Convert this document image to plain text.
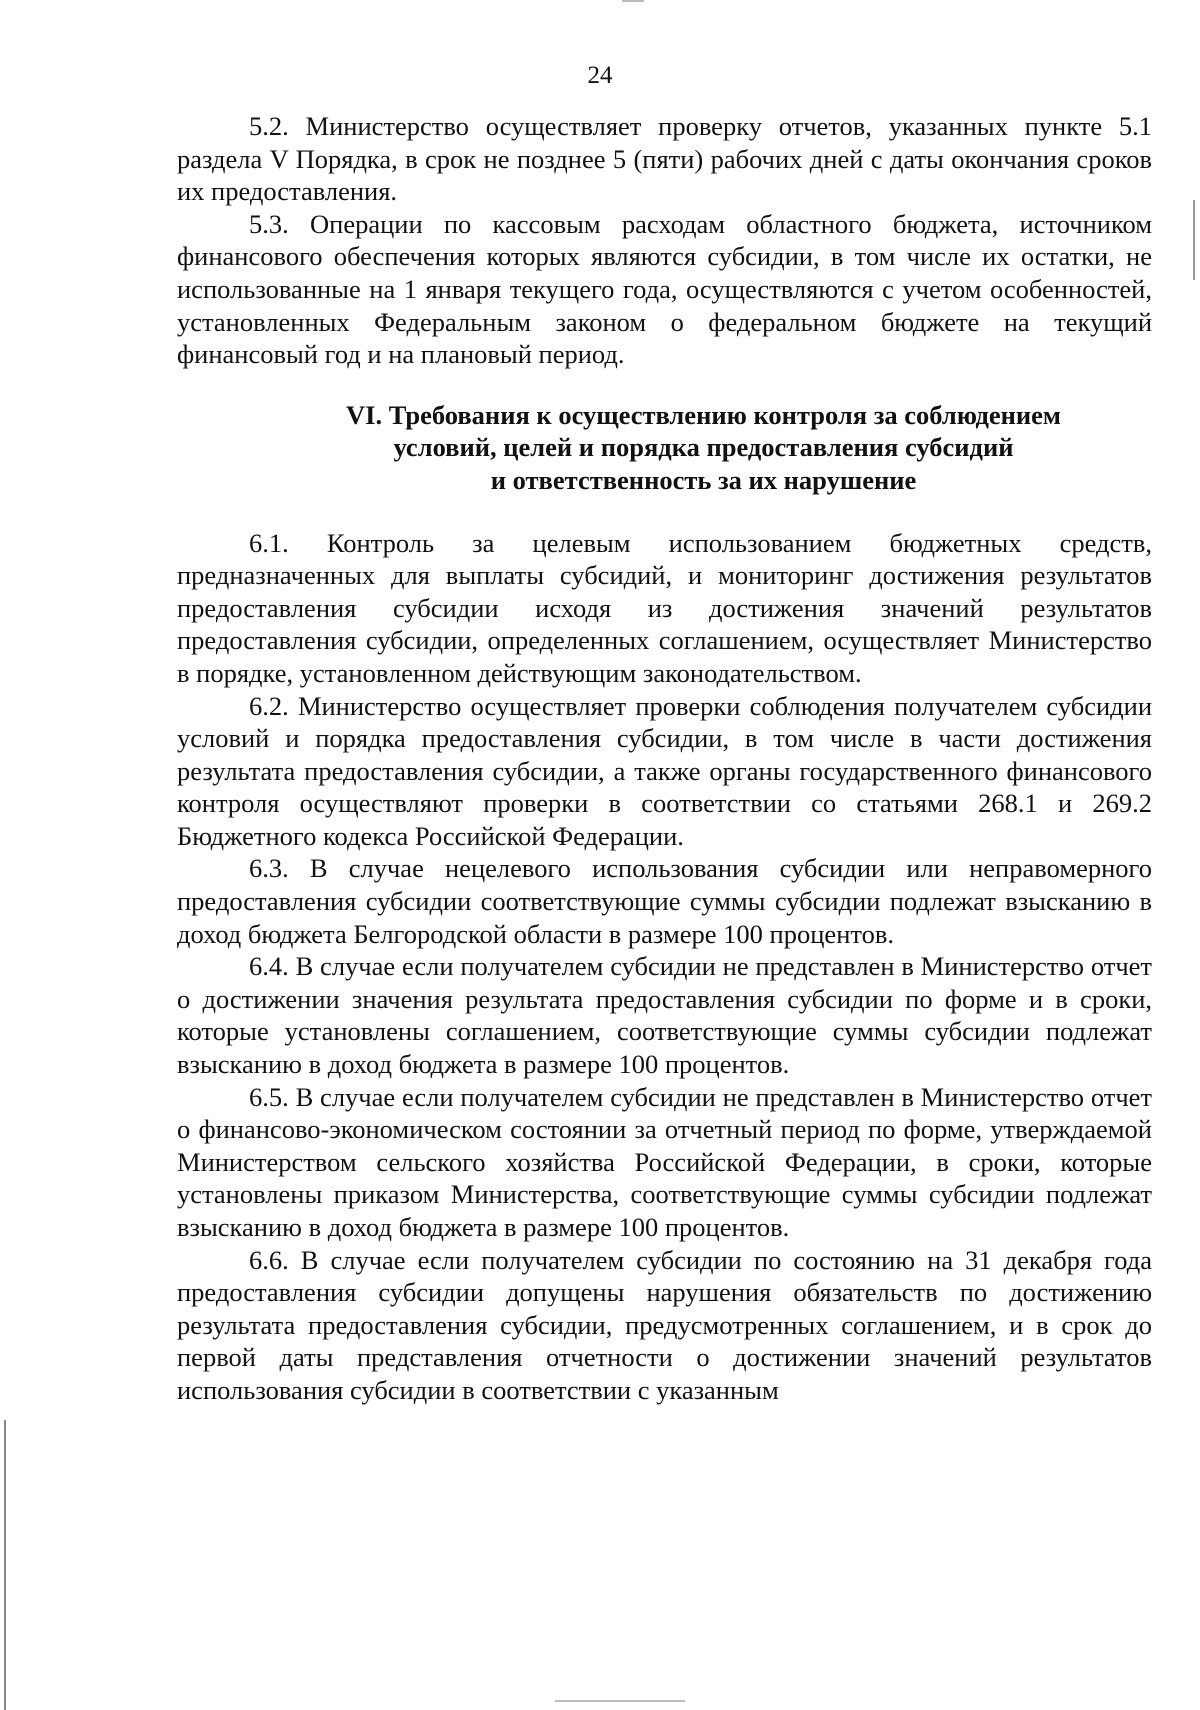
24

5.2. Министерство осуществляет проверку отчетов, указанных пункте 5.1 раздела V Порядка, в срок не позднее 5 (пяти) рабочих дней с даты окончания сроков их предоставления.

5.3. Операции по кассовым расходам областного бюджета, источником финансового обеспечения которых являются субсидии, в том числе их остатки, не использованные на 1 января текущего года, осуществляются с учетом особенностей, установленных Федеральным законом о федеральном бюджете на текущий финансовый год и на плановый период.

VI. Требования к осуществлению контроля за соблюдением
условий, целей и порядка предоставления субсидий
и ответственность за их нарушение

6.1. Контроль за целевым использованием бюджетных средств, предназначенных для выплаты субсидий, и мониторинг достижения результатов предоставления субсидии исходя из достижения значений результатов предоставления субсидии, определенных соглашением, осуществляет Министерство в порядке, установленном действующим законодательством.

6.2. Министерство осуществляет проверки соблюдения получателем субсидии условий и порядка предоставления субсидии, в том числе в части достижения результата предоставления субсидии, а также органы государственного финансового контроля осуществляют проверки в соответствии со статьями 268.1 и 269.2 Бюджетного кодекса Российской Федерации.

6.3. В случае нецелевого использования субсидии или неправомерного предоставления субсидии соответствующие суммы субсидии подлежат взысканию в доход бюджета Белгородской области в размере 100 процентов.

6.4. В случае если получателем субсидии не представлен в Министерство отчет о достижении значения результата предоставления субсидии по форме и в сроки, которые установлены соглашением, соответствующие суммы субсидии подлежат взысканию в доход бюджета в размере 100 процентов.

6.5. В случае если получателем субсидии не представлен в Министерство отчет о финансово-экономическом состоянии за отчетный период по форме, утверждаемой Министерством сельского хозяйства Российской Федерации, в сроки, которые установлены приказом Министерства, соответствующие суммы субсидии подлежат взысканию в доход бюджета в размере 100 процентов.

6.6. В случае если получателем субсидии по состоянию на 31 декабря года предоставления субсидии допущены нарушения обязательств по достижению результата предоставления субсидии, предусмотренных соглашением, и в срок до первой даты представления отчетности о достижении значений результатов использования субсидии в соответствии с указанным
